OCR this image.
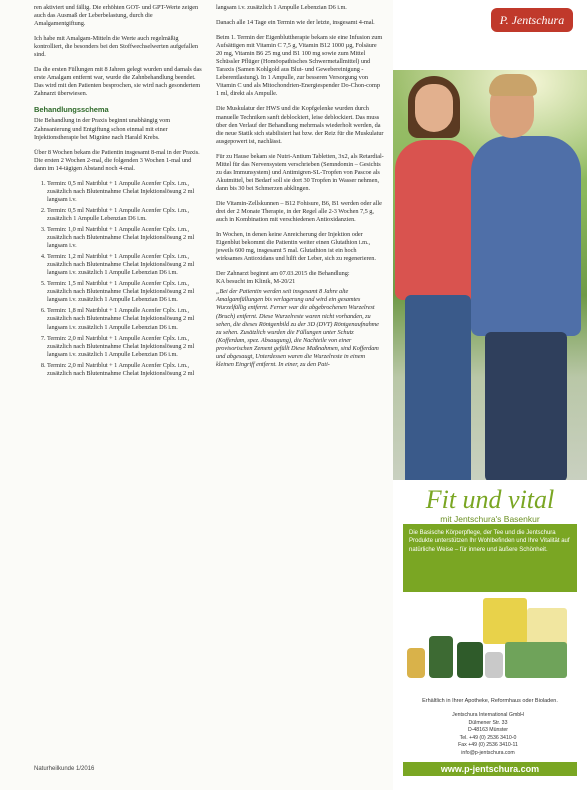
ren aktiviert und fällig. Die erhöhten GOT- und GPT-Werte zeigen auch das Ausmaß der Leberbelastung, durch die Amalgamentgiftung.

Ich habe mit Amalgam-Mitteln die Werte auch regelmäßig kontrolliert, die besonders bei den Stoffwechselwerten aufgefallen sind.

Da die ersten Füllungen mit 8 Jahren gelegt wurden und damals das erste Amalgam entfernt war, wurde die Zahnbehandlung beendet. Das wird mit den Patienten besprochen, sie wird nach gesondertem Zahnarzt überwiesen.

Behandlungsschema

Die Behandlung in der Praxis beginnt unabhängig vom Zahnsanierung und Entgiftung schon einmal mit einer Injektionstherapie bei Migräne nach Harald Krebs.

Über 8 Wochen bekam die Patientin insgesamt 8-mal in der Praxis. Die ersten 2 Wochen 2-mal, die folgenden 3 Wochen 1-mal und dann im 14-tägigen Abstand noch 4-mal.

1. Termin: 0,5 ml Natriblut + 1 Ampulle Acenfer Cplx. i.m., zusätzlich nach Blutentnahme Chelat Injektionslösung 2 ml langsam i.v.
2. Termin: 0,5 ml Natriblut + 1 Ampulle Acenfer Cplx. i.m., zusätzlich 1 Ampulle Lebenzian D6 i.m.
3. Termin: 1,0 ml Natriblut + 1 Ampulle Acenfer Cplx. i.m., zusätzlich nach Blutentnahme Chelat Injektionslösung 2 ml langsam i.v.
4. Termin: 1,2 ml Natriblut + 1 Ampulle Acenfer Cplx. i.m., zusätzlich nach Blutentnahme Chelat Injektionslösung 2 ml langsam i.v. zusätzlich 1 Ampulle Lebenzian D6 i.m.
5. Termin: 1,5 ml Natriblut + 1 Ampulle Acenfer Cplx. i.m., zusätzlich nach Blutentnahme Chelat Injektionslösung 2 ml langsam i.v. zusätzlich 1 Ampulle Lebenzian D6 i.m.
6. Termin: 1,8 ml Natriblut + 1 Ampulle Acenfer Cplx. i.m., zusätzlich nach Blutentnahme Chelat Injektionslösung 2 ml langsam i.v. zusätzlich 1 Ampulle Lebenzian D6 i.m.
7. Termin: 2,0 ml Natriblut + 1 Ampulle Acenfer Cplx. i.m., zusätzlich nach Blutentnahme Chelat Injektionslösung 2 ml langsam i.v. zusätzlich 1 Ampulle Lebenzian D6 i.m.
8. Termin: 2,0 ml Natriblut + 1 Ampulle Acenfer Cplx. i.m., zusätzlich nach Blutentnahme Chelat Injektionslösung 2 ml

langsam i.v. zusätzlich 1 Ampulle Lebenzian D6 i.m.

Danach alle 14 Tage ein Termin wie der letzte, insgesamt 4-mal.

Beim 1. Termin der Eigenbluttherapie bekam sie eine Infusion zum Aufsättigen mit Vitamin C 7,5 g, Vitamin B12 1000 µg, Folsäure 20 mg, Vitamin B6 25 mg und B1 100 mg sowie zum Mittel Schüssler Pflüger (Homöopathisches Schwermetallmittel) und Taraxis (Samen Kohlgold aus Blut- und Gewebereinigung - Leberentlastung). In 1 Ampulle, zur besseren Versorgung von Vitamin C und als Mitochondrien-Energiespender Do-Chon-comp 1 ml, direkt als Ampulle.

Die Muskulatur der HWS und die Kopfgelenke wurden durch manuelle Techniken sanft deblockiert, leise deblockiert. Das muss über den Verlauf der Behandlung mehrmals wiederholt werden, da die neue Statik sich stabilisiert hat bzw. der Reiz für die Muskulatur ausgepowert ist, nachlässt.

Für zu Hause bekam sie Nutri-Antium Tabletten, 3x2, als Retardial-Mittel für das Nervensystem verschrieben (Semndomin – Gesichts zu das Immunsystem) und Antimigren-SL-Tropfen von Pascoe als Akutmittel, bei Bedarf soll sie dort 30 Tropfen in Wasser nehmen, dann bis 30 bei Schmerzen abklingen.

Die Vitamin-Zellskunnen – B12 Fohisure, B6, B1 werden oder alle drei der 2 Monate Therapie, in der Regel alle 2-3 Wochen 7,5 g, auch in Kombination mit verschiedenen Antioxidanzien.

In Wochen, in denen keine Anreicherung der Injektion oder Eigenblut bekommt die Patientin weiter einen Glutathion i.m., jeweils 600 mg, insgesamt 5 mal. Glutathion ist ein hoch wirksames Antioxidans und hilft der Leber, sich zu regenerieren.

Der Zahnarzt beginnt am 07.03.2015 die Behandlung:

KA besucht im Klinik, M-20/21

„Bei der Patientin werden seit insgesamt 8 Jahre alte Amalgamfüllungen bis verlagerung und wird ein gesamtes Wurzelfüllig entfernt. Ferner war die abgebrochenen Wurzelrest (Bruch) entfernt. Diese Wurzelreste waren nicht vorhanden, zu sehen, die dieses Röntgenbild zu der 3D (DVT) Röntgenaufnahme zu sehen. Zusätzlich wurden die Füllungen unter Schutz (Kofferdam, spez. Absaugung), die Nachteile von einer provisorischen Zement gefüllt Diese Maßnahmen, sind Kofferdam und abgesaugt, Unterdessen waren die Wurzelreste in einem kleinen Eingriff entfernt. In einer, zu den Pati-

Naturheilkunde 1/2016
P. Jentschura
Fit und vital
mit Jentschura's Basenkur
Die Basische Körperpflege, der Tee und die Jentschura Produkte unterstützen Ihr Wohlbefinden und Ihre Vitalität auf natürliche Weise – für innere und äußere Schönheit.
Erhältlich in Ihrer Apotheke, Reformhaus oder Bioladen.
Jentschura International GmbH
Dülmener Str. 33
D-48163 Münster
Tel. +49 (0) 2536 3410-0
Fax +49 (0) 2536 3410-11
info@p-jentschura.com
www.p-jentschura.com
